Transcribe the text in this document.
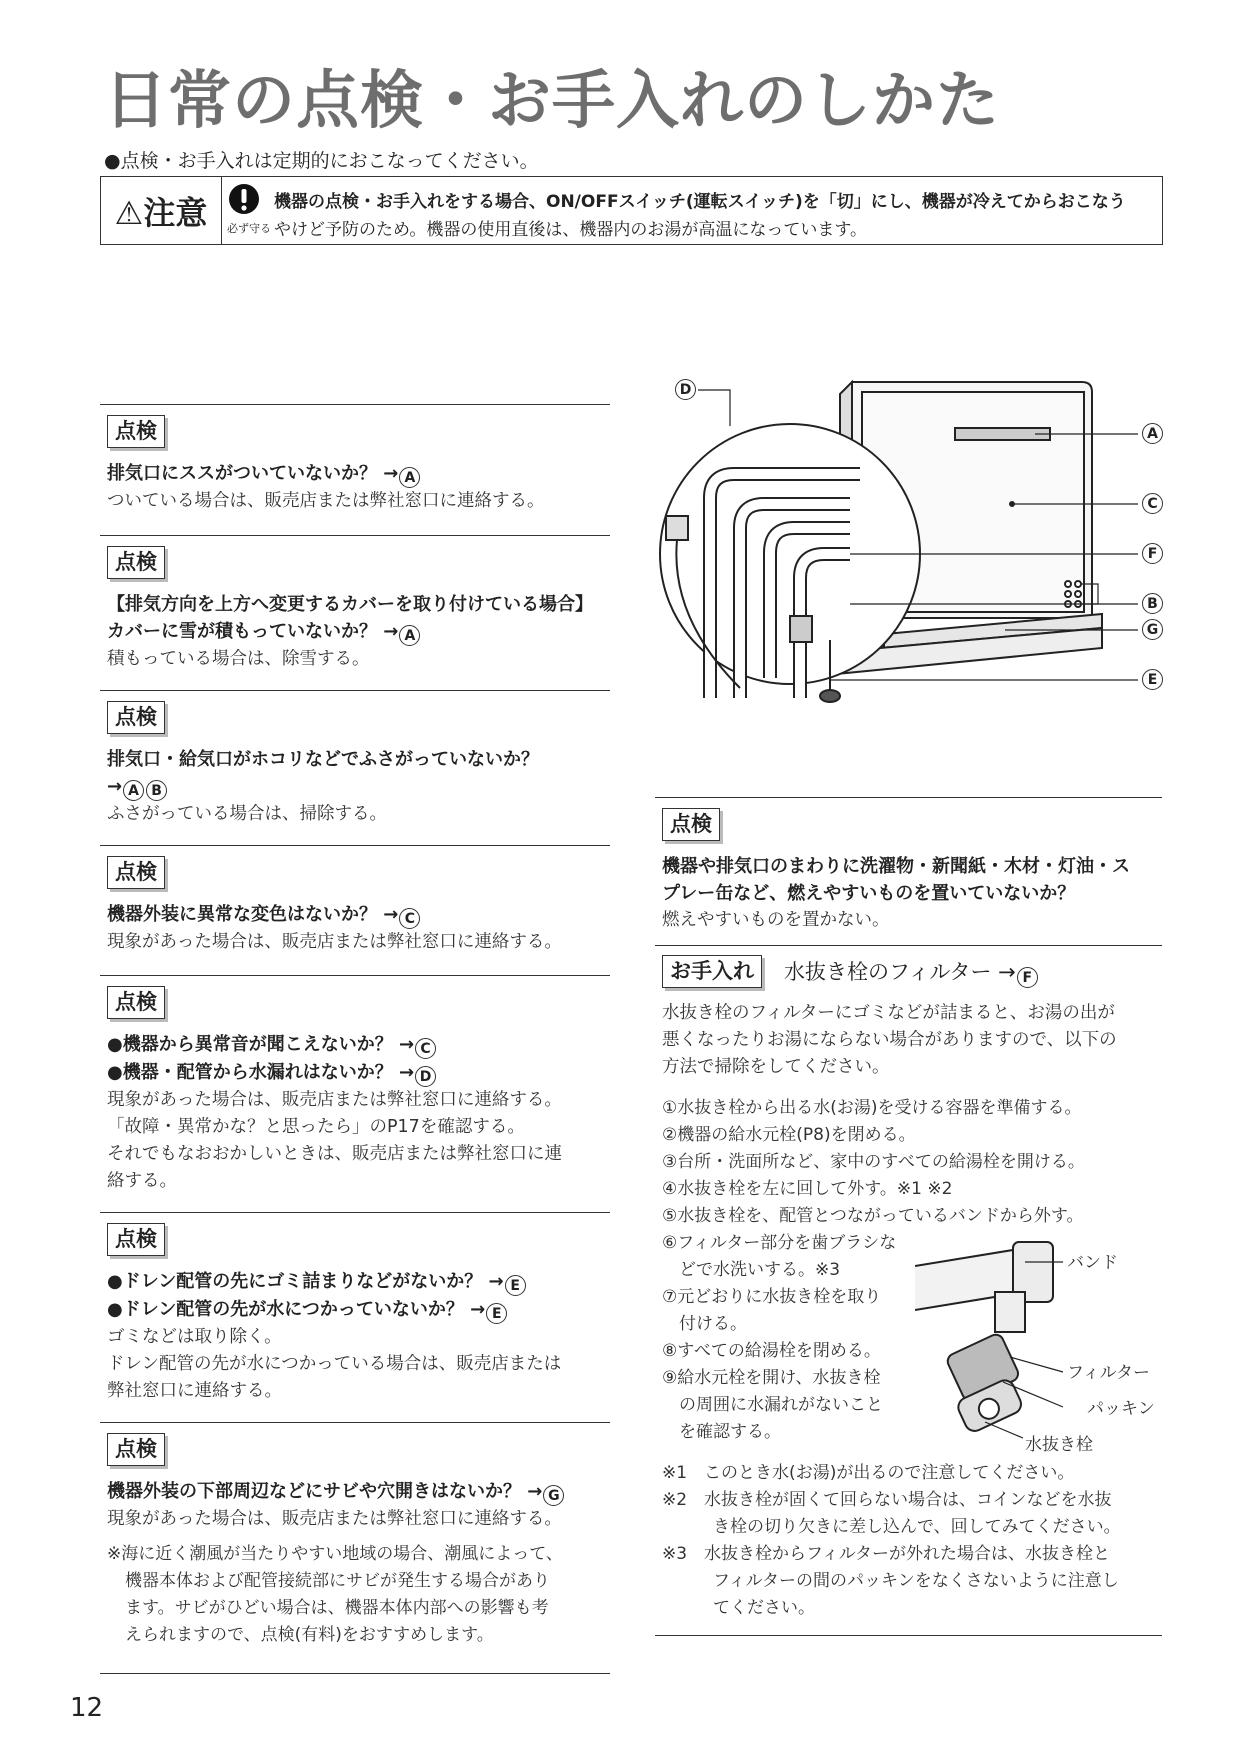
日常の点検・お手入れのしかた
●点検・お手入れは定期的におこなってください。
⚠注意	必ず守る
機器の点検・お手入れをする場合、ON/OFFスイッチ(運転スイッチ)を「切」にし、機器が冷えてからおこなう
やけど予防のため。機器の使用直後は、機器内のお湯が高温になっています。
点検
排気口にススがついていないか？ → A
ついている場合は、販売店または弊社窓口に連絡する。
点検
【排気方向を上方へ変更するカバーを取り付けている場合】
カバーに雪が積もっていないか？ → A
積もっている場合は、除雪する。
点検
排気口・給気口がホコリなどでふさがっていないか？
→ A B
ふさがっている場合は、掃除する。
点検
機器外装に異常な変色はないか？ → C
現象があった場合は、販売店または弊社窓口に連絡する。
点検
●機器から異常音が聞こえないか？ → C
●機器・配管から水漏れはないか？ → D
現象があった場合は、販売店または弊社窓口に連絡する。
「故障・異常かな？と思ったら」のP17を確認する。
それでもなおおかしいときは、販売店または弊社窓口に連
絡する。
点検
●ドレン配管の先にゴミ詰まりなどがないか？ → E
●ドレン配管の先が水につかっていないか？ → E
ゴミなどは取り除く。
ドレン配管の先が水につかっている場合は、販売店または
弊社窓口に連絡する。
点検
機器外装の下部周辺などにサビや穴開きはないか？ → G
現象があった場合は、販売店または弊社窓口に連絡する。
※海に近く潮風が当たりやすい地域の場合、潮風によって、
機器本体および配管接続部にサビが発生する場合があり
ます。サビがひどい場合は、機器本体内部への影響も考
えられますので、点検(有料)をおすすめします。
A
C
F
B
G
E
D
点検
機器や排気口のまわりに洗濯物・新聞紙・木材・灯油・ス
プレー缶など、燃えやすいものを置いていないか？
燃えやすいものを置かない。
お手入れ	水抜き栓のフィルター → F
水抜き栓のフィルターにゴミなどが詰まると、お湯の出が
悪くなったりお湯にならない場合がありますので、以下の
方法で掃除をしてください。
①水抜き栓から出る水(お湯)を受ける容器を準備する。
②機器の給水元栓(P8)を閉める。
③台所・洗面所など、家中のすべての給湯栓を開ける。
④水抜き栓を左に回して外す。※1 ※2
⑤水抜き栓を、配管とつながっているバンドから外す。
⑥フィルター部分を歯ブラシな
　どで水洗いする。※3
⑦元どおりに水抜き栓を取り
　付ける。
⑧すべての給湯栓を閉める。
⑨給水元栓を開け、水抜き栓
　の周囲に水漏れがないこと
　を確認する。
※1　このとき水(お湯)が出るので注意してください。
※2　水抜き栓が固くて回らない場合は、コインなどを水抜
　　　き栓の切り欠きに差し込んで、回してみてください。
※3　水抜き栓からフィルターが外れた場合は、水抜き栓と
　　　フィルターの間のパッキンをなくさないように注意し
　　　てください。
バンド
フィルター
パッキン
水抜き栓
12
